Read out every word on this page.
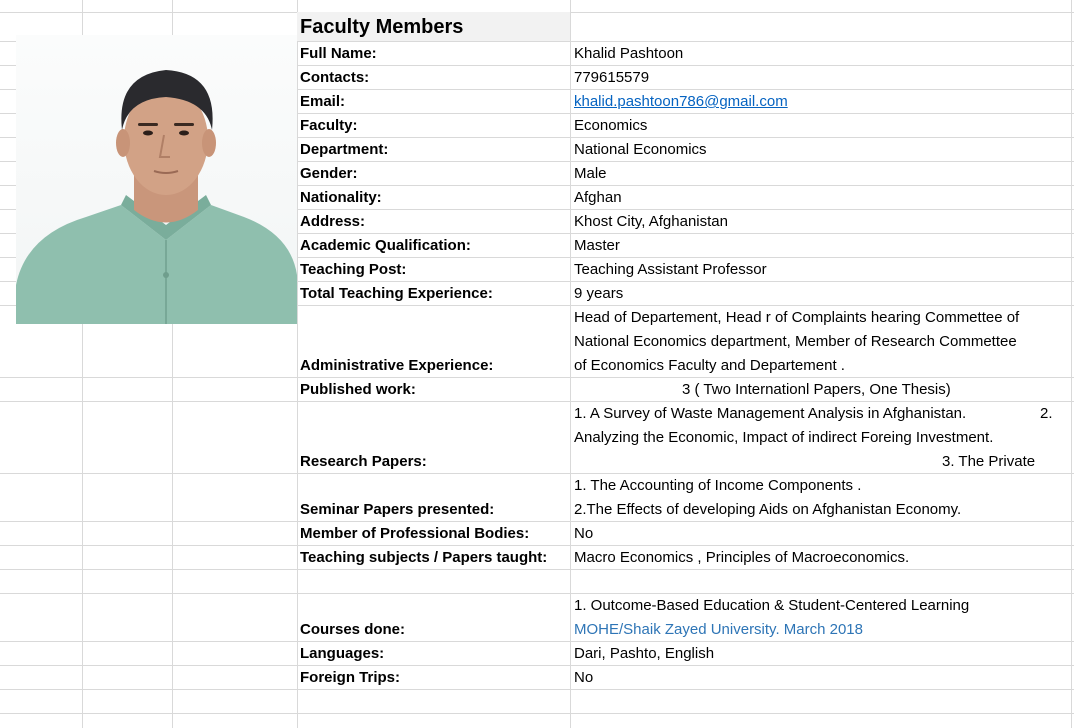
Faculty Members
Full Name:	Khalid Pashtoon
Contacts:	779615579
Email:	khalid.pashtoon786@gmail.com
Faculty:	Economics
Department:	National Economics
Gender:	Male
Nationality:	Afghan
Address:	Khost City, Afghanistan
Academic Qualification:	Master
Teaching Post:	Teaching Assistant Professor
Total Teaching Experience:	9 years
Administrative Experience:
Head of Departement, Head r of Complaints hearing Commettee of
National Economics department, Member of Research Commettee
of Economics Faculty and Departement .
Published work:	3 ( Two Internationl Papers, One Thesis)
Research Papers:
1. A Survey of Waste Management Analysis in Afghanistan.	2.
Analyzing the Economic, Impact of indirect Foreing Investment.
3. The Private
Seminar Papers presented:
1. The Accounting of Income Components .
2.The Effects of developing Aids on Afghanistan Economy.
Member of Professional Bodies:	No
Teaching subjects / Papers taught: Macro Economics , Principles of Macroeconomics.
Courses done:
1. Outcome-Based Education & Student-Centered Learning
MOHE/Shaik Zayed University. March 2018
Languages:	Dari, Pashto, English
Foreign Trips:	No
